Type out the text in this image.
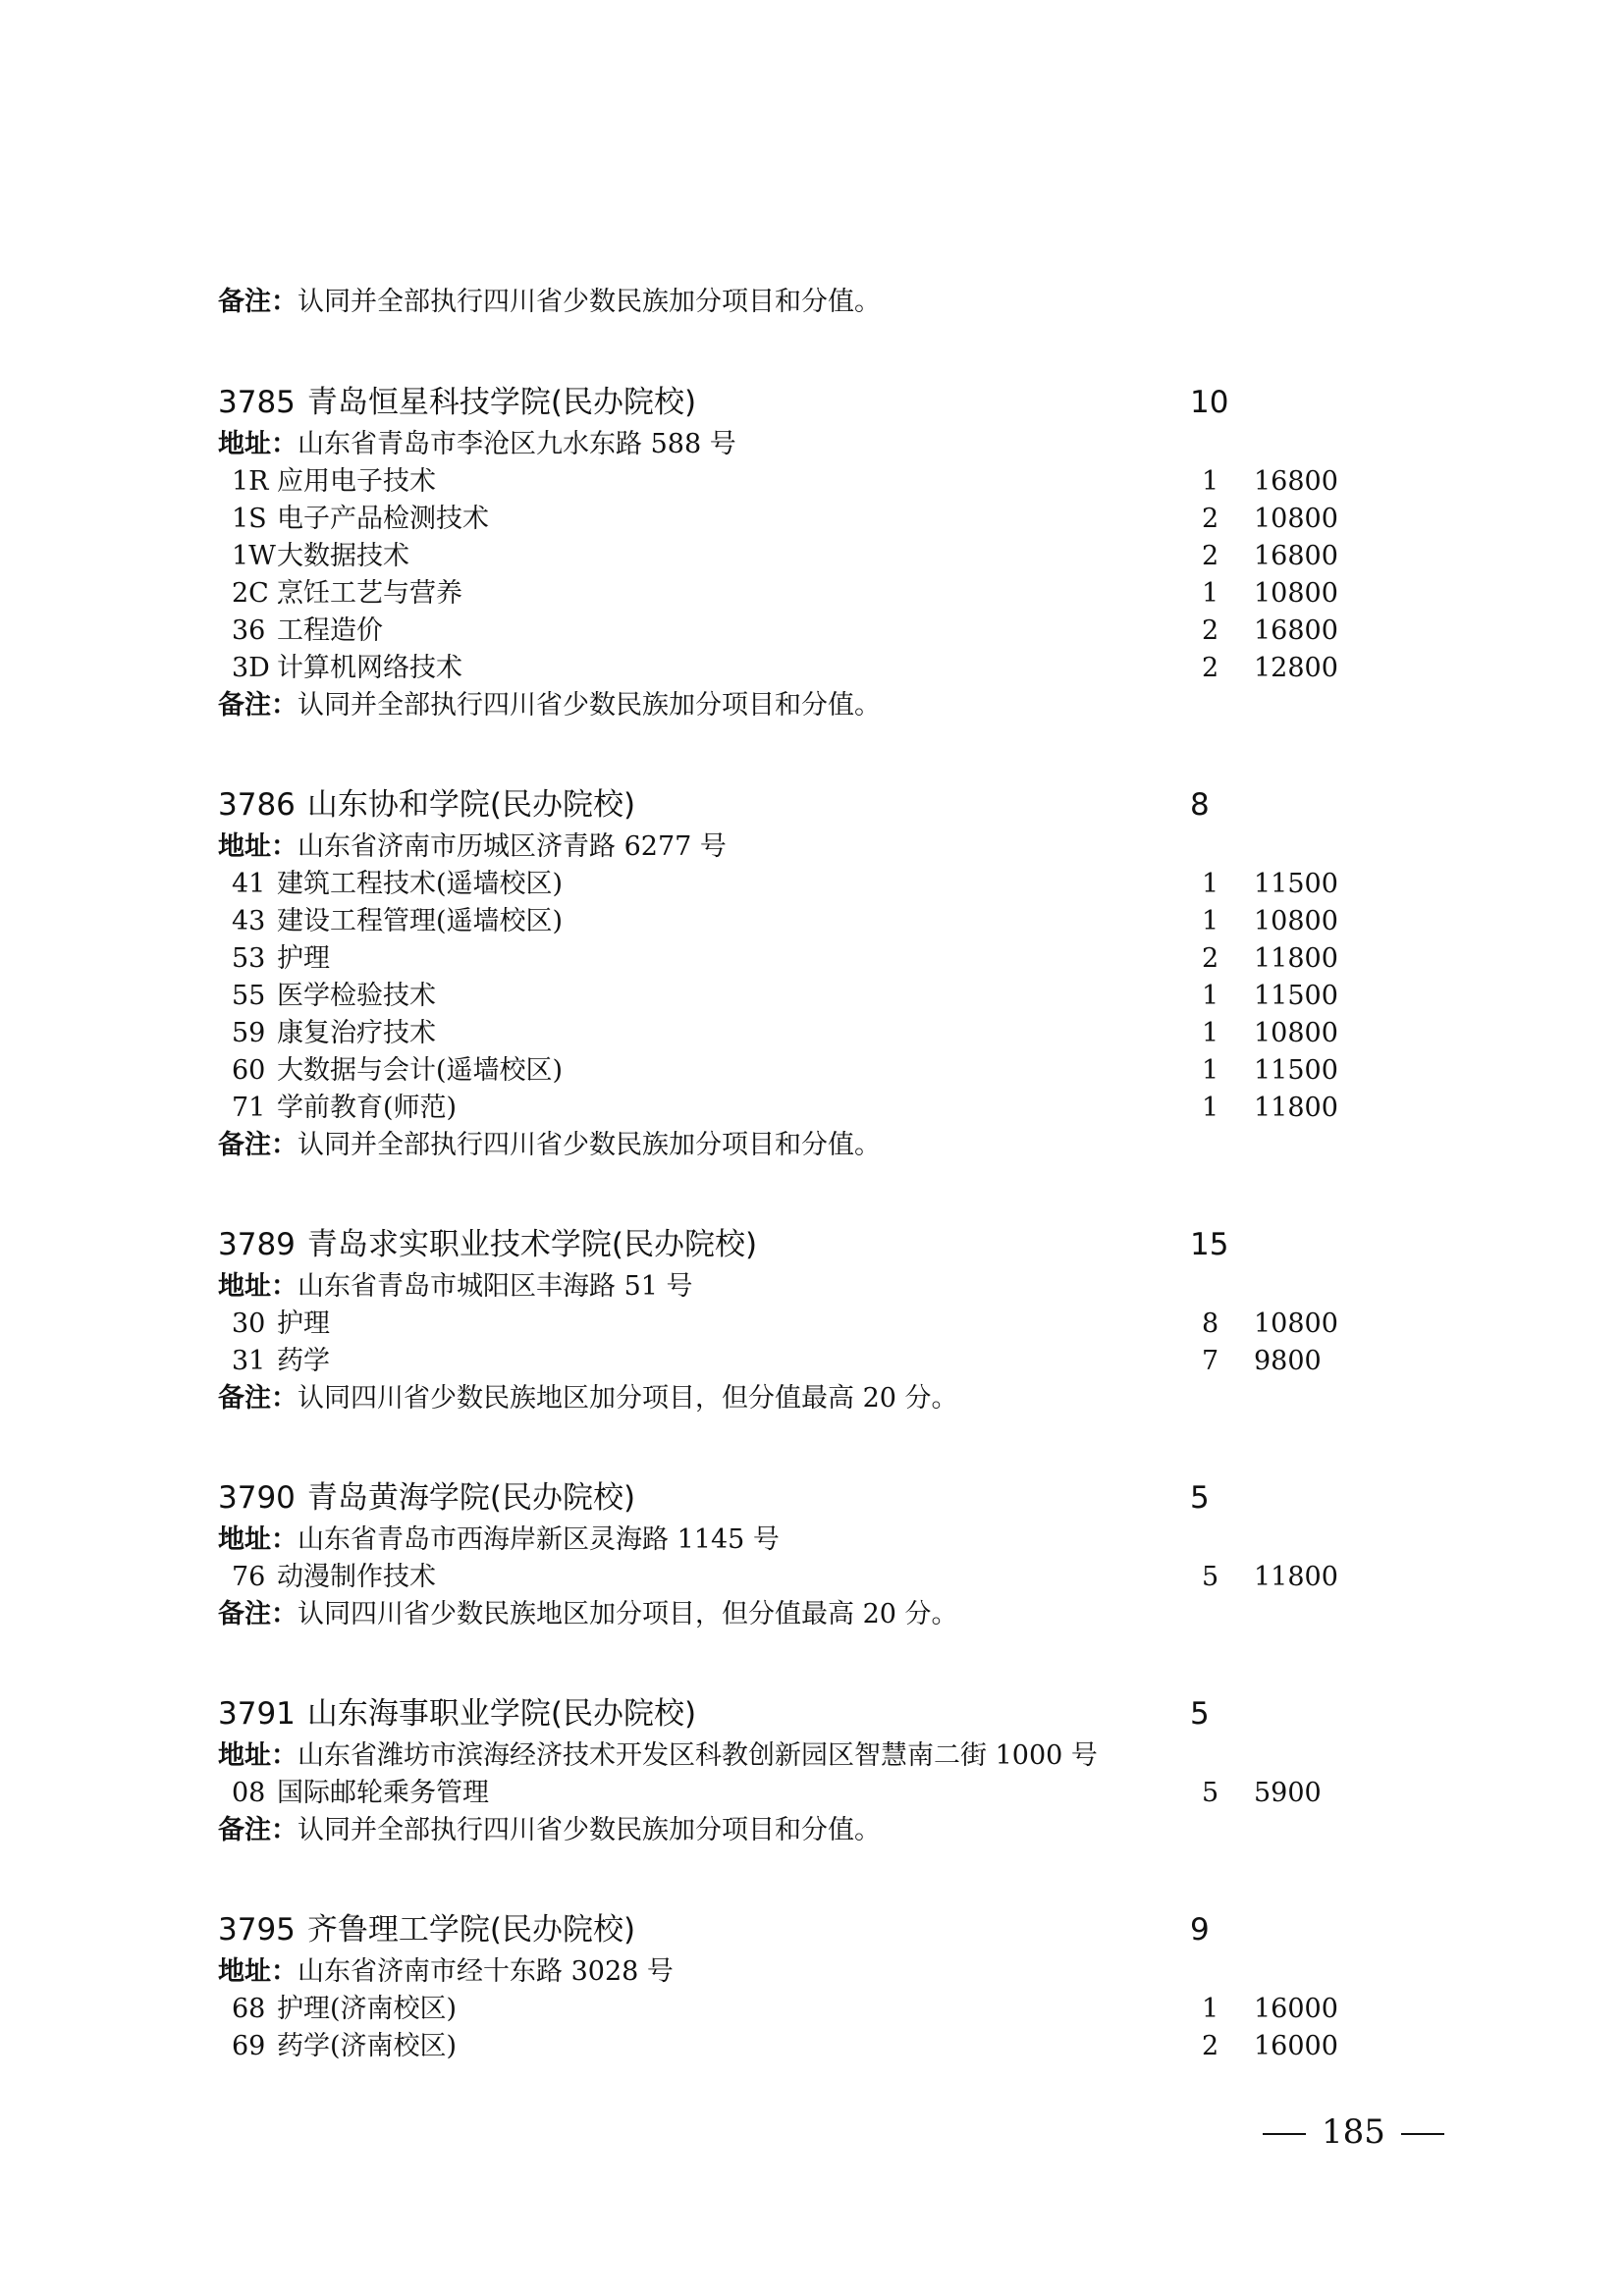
备注：认同并全部执行四川省少数民族加分项目和分值。
3785 青岛恒星科技学院(民办院校)	10
地址：山东省青岛市李沧区九水东路 588 号
1R 应用电子技术	1 16800
1S 电子产品检测技术	2 10800
1W 大数据技术	2 16800
2C 烹饪工艺与营养	1 10800
36 工程造价	2 16800
3D 计算机网络技术	2 12800
备注：认同并全部执行四川省少数民族加分项目和分值。
3786 山东协和学院(民办院校)	8
地址：山东省济南市历城区济青路 6277 号
41 建筑工程技术(遥墙校区)	1 11500
43 建设工程管理(遥墙校区)	1 10800
53 护理	2 11800
55 医学检验技术	1 11500
59 康复治疗技术	1 10800
60 大数据与会计(遥墙校区)	1 11500
71 学前教育(师范)	1 11800
备注：认同并全部执行四川省少数民族加分项目和分值。
3789 青岛求实职业技术学院(民办院校)	15
地址：山东省青岛市城阳区丰海路 51 号
30 护理	8 10800
31 药学	7 9800
备注：认同四川省少数民族地区加分项目，但分值最高 20 分。
3790 青岛黄海学院(民办院校)	5
地址：山东省青岛市西海岸新区灵海路 1145 号
76 动漫制作技术	5 11800
备注：认同四川省少数民族地区加分项目，但分值最高 20 分。
3791 山东海事职业学院(民办院校)	5
地址：山东省潍坊市滨海经济技术开发区科教创新园区智慧南二街 1000 号
08 国际邮轮乘务管理	5 5900
备注：认同并全部执行四川省少数民族加分项目和分值。
3795 齐鲁理工学院(民办院校)	9
地址：山东省济南市经十东路 3028 号
68 护理(济南校区)	1 16000
69 药学(济南校区)	2 16000
185
